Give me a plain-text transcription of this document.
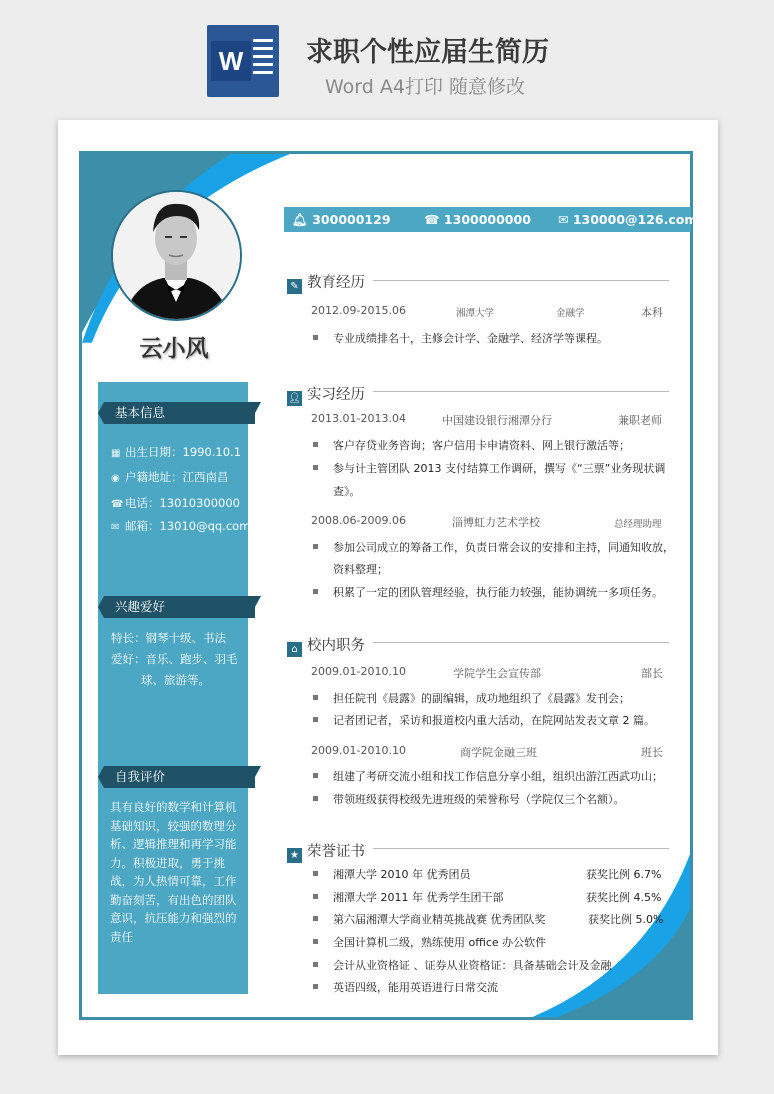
W 求职个性应届生简历
Word A4打印 随意修改
云小风
基本信息
▦ 出生日期：1990.10.1
◉ 户籍地址：江西南昌
☎ 电话：13010300000
✉ 邮箱：13010@qq.com
兴趣爱好
特长：钢琴十级、书法
爱好：音乐、跑步、羽毛
球、旅游等。
自我评价
具有良好的数学和计算机基础知识，较强的数理分析、逻辑推理和再学习能力。积极进取，勇于挑战，为人热情可靠，工作勤奋刻苦，有出色的团队意识，抗压能力和强烈的责任
🔔︎ 300000129	☎ 1300000000 ✉ 130000@126.com
✎ 教育经历
2012.09-2015.06	湘潭大学	金融学	本科
专业成绩排名十，主修会计学、金融学、经济学等课程。
👤︎ 实习经历
2013.01-2013.04	中国建设银行湘潭分行	兼职老师
客户存贷业务咨询；客户信用卡申请资料、网上银行激活等；
参与计主管团队 2013 支付结算工作调研，撰写《“三票”业务现状调
查》。
2008.06-2009.06	淄博虹力艺术学校	总经理助理
参加公司成立的筹备工作，负责日常会议的安排和主持，同通知收放，
资料整理；
积累了一定的团队管理经验，执行能力较强，能协调统一多项任务。
⌂ 校内职务
2009.01-2010.10	学院学生会宣传部	部长
担任院刊《晨露》的副编辑，成功地组织了《晨露》发刊会；
记者团记者，采访和报道校内重大活动，在院网站发表文章 2 篇。
2009.01-2010.10	商学院金融三班	班长
组建了考研交流小组和找工作信息分享小组，组织出游江西武功山；
带领班级获得校级先进班级的荣誉称号（学院仅三个名额）。
★ 荣誉证书
湘潭大学 2010 年 优秀团员	获奖比例 6.7%
湘潭大学 2011 年 优秀学生团干部	获奖比例 4.5%
第六届湘潭大学商业精英挑战赛 优秀团队奖	获奖比例 5.0%
全国计算机二级，熟练使用 office 办公软件
会计从业资格证 、证券从业资格证：具备基础会计及金融
英语四级，能用英语进行日常交流
